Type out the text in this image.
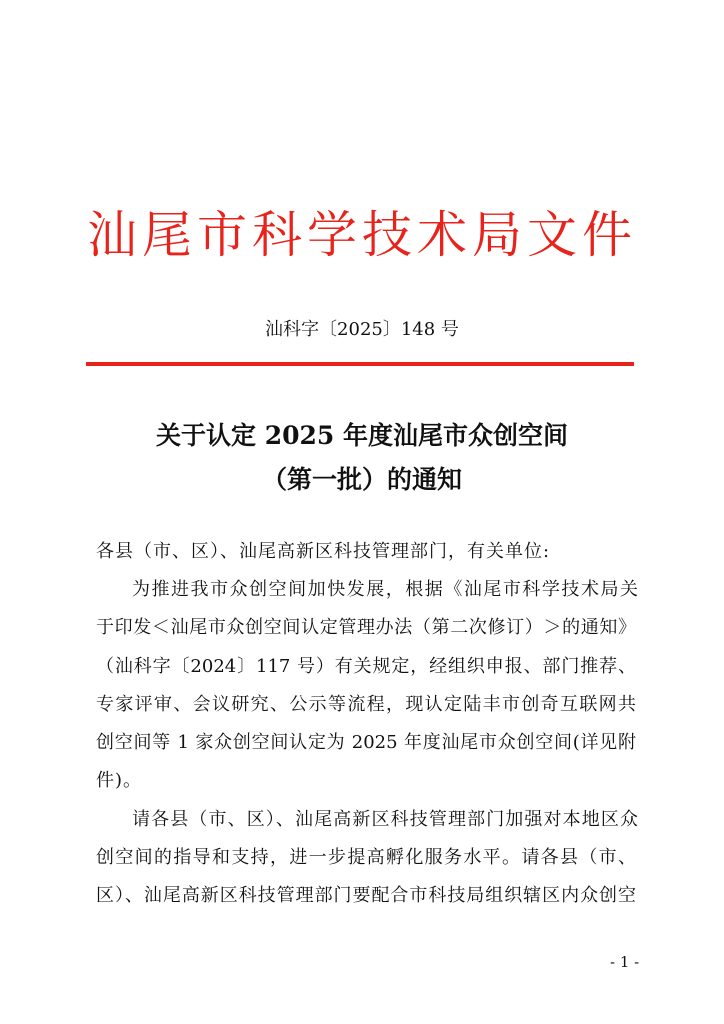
汕尾市科学技术局文件
汕科字〔2025〕148 号
关于认定 2025 年度汕尾市众创空间
（第一批）的通知
各县（市、区）、汕尾高新区科技管理部门，有关单位:
为推进我市众创空间加快发展，根据《汕尾市科学技术局关
于印发＜汕尾市众创空间认定管理办法（第二次修订）＞的通知》
（汕科字〔2024〕117 号）有关规定，经组织申报、部门推荐、
专家评审、会议研究、公示等流程，现认定陆丰市创奇互联网共
创空间等 1 家众创空间认定为 2025 年度汕尾市众创空间(详见附
件)。
请各县（市、区）、汕尾高新区科技管理部门加强对本地区众
创空间的指导和支持，进一步提高孵化服务水平。请各县（市、
区）、汕尾高新区科技管理部门要配合市科技局组织辖区内众创空
- 1 -
